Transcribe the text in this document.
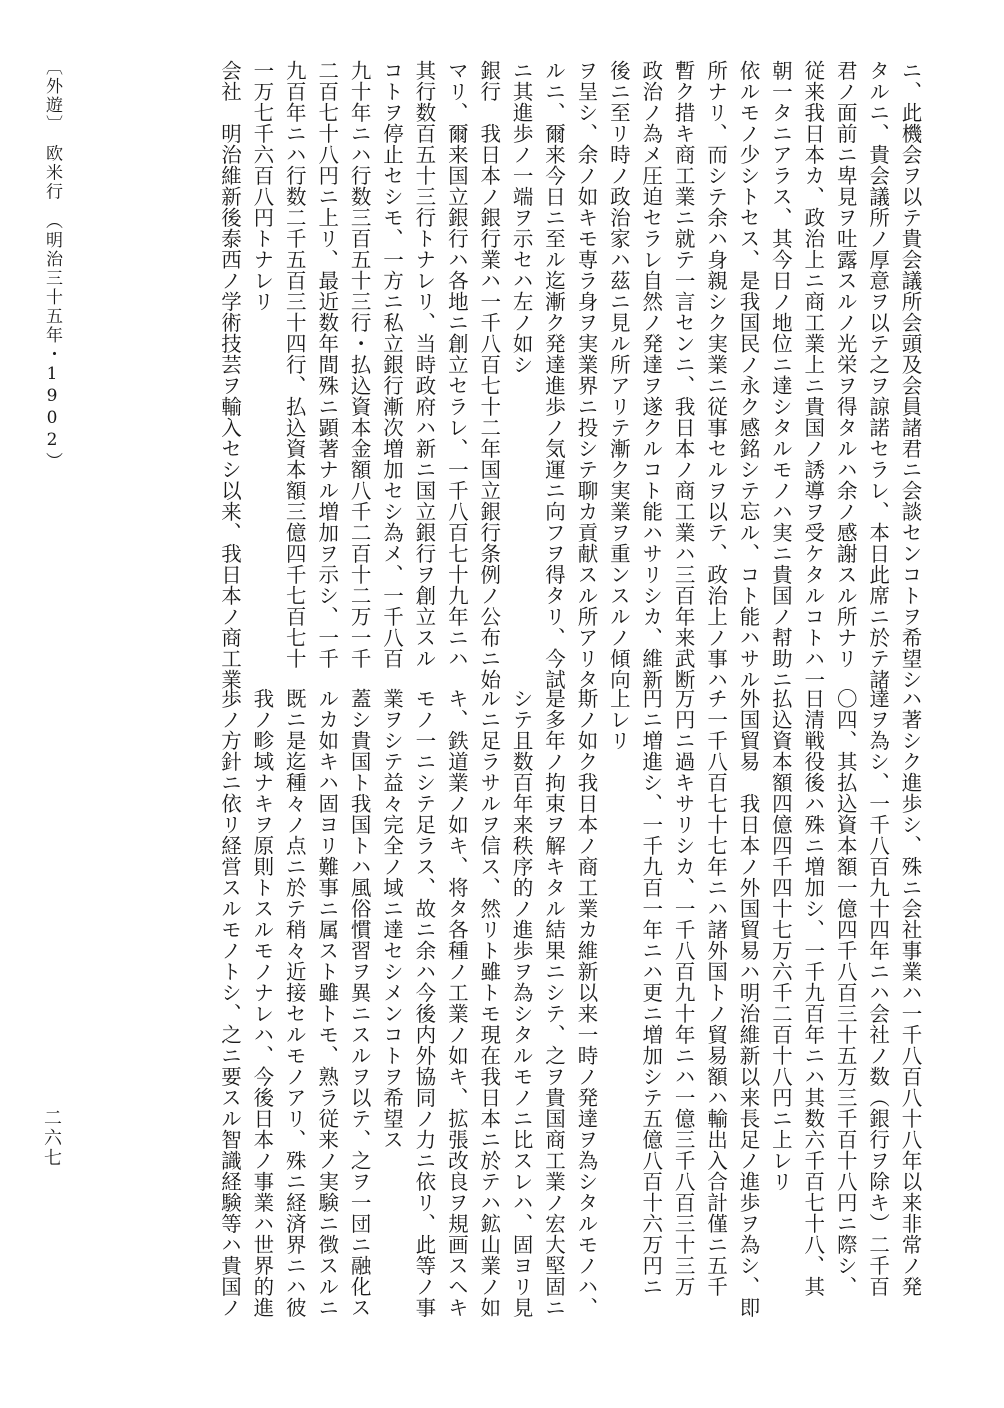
ニ、此機会ヲ以テ貴会議所会頭及会員諸君ニ会談センコトヲ希望シ
タルニ、貴会議所ノ厚意ヲ以テ之ヲ諒諾セラレ、本日此席ニ於テ諸
君ノ面前ニ卑見ヲ吐露スルノ光栄ヲ得タルハ余ノ感謝スル所ナリ
従来我日本カ、政治上ニ商工業上ニ貴国ノ誘導ヲ受ケタルコトハ一
朝一タニアラス、其今日ノ地位ニ達シタルモノハ実ニ貴国ノ幇助ニ
依ルモノ少シトセス、是我国民ノ永ク感銘シテ忘ル、コト能ハサル
所ナリ、而シテ余ハ身親シク実業ニ従事セルヲ以テ、政治上ノ事ハ
暫ク措キ商工業ニ就テ一言センニ、我日本ノ商工業ハ三百年来武断
政治ノ為メ圧迫セラレ自然ノ発達ヲ遂クルコト能ハサリシカ、維新
後ニ至リ時ノ政治家ハ茲ニ見ル所アリテ漸ク実業ヲ重ンスルノ傾向
ヲ呈シ、余ノ如キモ専ラ身ヲ実業界ニ投シテ聊カ貢献スル所アリタ
ルニ、爾来今日ニ至ル迄漸ク発達進歩ノ気運ニ向フヲ得タリ、今試
ニ其進歩ノ一端ヲ示セハ左ノ如シ
銀行　我日本ノ銀行業ハ一千八百七十二年国立銀行条例ノ公布ニ始
マリ、爾来国立銀行ハ各地ニ創立セラレ、一千八百七十九年ニハ
其行数百五十三行トナレリ、当時政府ハ新ニ国立銀行ヲ創立スル
コトヲ停止セシモ、一方ニ私立銀行漸次増加セシ為メ、一千八百
九十年ニハ行数三百五十三行・払込資本金額八千二百十二万一千
二百七十八円ニ上リ、最近数年間殊ニ顕著ナル増加ヲ示シ、一千
九百年ニハ行数二千五百三十四行、払込資本額三億四千七百七十
一万七千六百八円トナレリ
会社　明治維新後泰西ノ学術技芸ヲ輸入セシ以来、我日本ノ商工業
ハ著シク進歩シ、殊ニ会社事業ハ一千八百八十八年以来非常ノ発
達ヲ為シ、一千八百九十四年ニハ会社ノ数（銀行ヲ除キ）二千百
〇四、其払込資本額一億四千八百三十五万三千百十八円ニ際シ、
日清戦役後ハ殊ニ増加シ、一千九百年ニハ其数六千百七十八、其
払込資本額四億四千四十七万六千二百十八円ニ上レリ
外国貿易　我日本ノ外国貿易ハ明治維新以来長足ノ進歩ヲ為シ、即
チ一千八百七十七年ニハ諸外国トノ貿易額ハ輸出入合計僅ニ五千
万円ニ過キサリシカ、一千八百九十年ニハ一億三千八百三十三万
円ニ増進シ、一千九百一年ニハ更ニ増加シテ五億八百十六万円ニ
上レリ
斯ノ如ク我日本ノ商工業カ維新以来一時ノ発達ヲ為シタルモノハ、
是多年ノ拘束ヲ解キタル結果ニシテ、之ヲ貴国商工業ノ宏大堅固ニ
シテ且数百年来秩序的ノ進歩ヲ為シタルモノニ比スレハ、固ヨリ見
ルニ足ラサルヲ信ス、然リト雖トモ現在我日本ニ於テハ鉱山業ノ如
キ、鉄道業ノ如キ、将タ各種ノ工業ノ如キ、拡張改良ヲ規画スヘキ
モノ一ニシテ足ラス、故ニ余ハ今後内外協同ノ力ニ依リ、此等ノ事
業ヲシテ益々完全ノ域ニ達セシメンコトヲ希望ス
蓋シ貴国ト我国トハ風俗慣習ヲ異ニスルヲ以テ、之ヲ一団ニ融化ス
ルカ如キハ固ヨリ難事ニ属スト雖トモ、熟ラ従来ノ実験ニ徴スルニ
既ニ是迄種々ノ点ニ於テ稍々近接セルモノアリ、殊ニ経済界ニハ彼
我ノ畛域ナキヲ原則トスルモノナレハ、今後日本ノ事業ハ世界的進
歩ノ方針ニ依リ経営スルモノトシ、之ニ要スル智識経験等ハ貴国ノ
〔外遊〕　欧米行　（明治三十五年・1902）
二六七
